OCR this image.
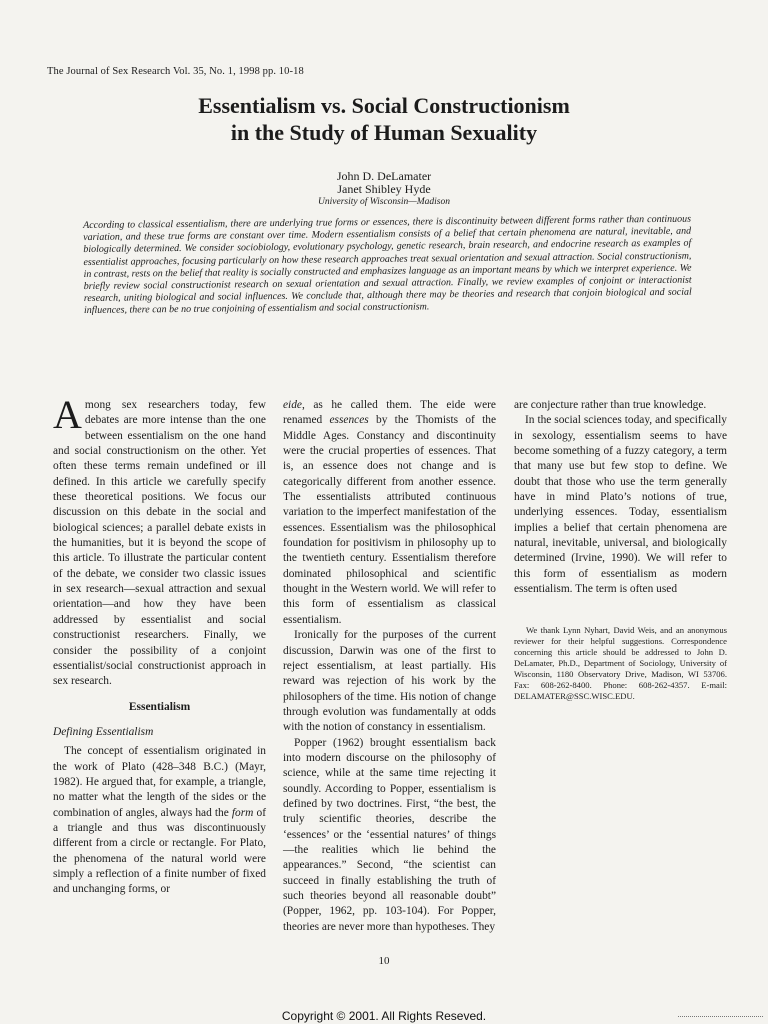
The Journal of Sex Research Vol. 35, No. 1, 1998 pp. 10-18
Essentialism vs. Social Constructionism
in the Study of Human Sexuality
John D. DeLamater
Janet Shibley Hyde
University of Wisconsin—Madison
According to classical essentialism, there are underlying true forms or essences, there is discontinuity between different forms rather than continuous variation, and these true forms are constant over time. Modern essentialism consists of a belief that certain phenomena are natural, inevitable, and biologically determined. We consider sociobiology, evolutionary psychology, genetic research, brain research, and endocrine research as examples of essentialist approaches, focusing particularly on how these research approaches treat sexual orientation and sexual attraction. Social constructionism, in contrast, rests on the belief that reality is socially constructed and emphasizes language as an important means by which we interpret experience. We briefly review social constructionist research on sexual orientation and sexual attraction. Finally, we review examples of conjoint or interactionist research, uniting biological and social influences. We conclude that, although there may be theories and research that conjoin biological and social influences, there can be no true conjoining of essentialism and social constructionism.

Among sex researchers today, few debates are more intense than the one between essentialism on the one hand and social constructionism on the other. Yet often these terms remain undefined or ill defined. In this article we carefully specify these theoretical positions. We focus our discussion on this debate in the social and biological sciences; a parallel debate exists in the humanities, but it is beyond the scope of this article. To illustrate the particular content of the debate, we consider two classic issues in sex research—sexual attraction and sexual orientation—and how they have been addressed by essentialist and social constructionist researchers. Finally, we consider the possibility of a conjoint essentialist/social constructionist approach in sex research.

Essentialism
Defining Essentialism

The concept of essentialism originated in the work of Plato (428–348 B.C.) (Mayr, 1982). He argued that, for example, a triangle, no matter what the length of the sides or the combination of angles, always had the form of a triangle and thus was discontinuously different from a circle or rectangle. For Plato, the phenomena of the natural world were simply a reflection of a finite number of fixed and unchanging forms, or

eide, as he called them. The eide were renamed essences by the Thomists of the Middle Ages. Constancy and discontinuity were the crucial properties of essences. That is, an essence does not change and is categorically different from another essence. The essentialists attributed continuous variation to the imperfect manifestation of the essences. Essentialism was the philosophical foundation for positivism in philosophy up to the twentieth century. Essentialism therefore dominated philosophical and scientific thought in the Western world. We will refer to this form of essentialism as classical essentialism.

Ironically for the purposes of the current discussion, Darwin was one of the first to reject essentialism, at least partially. His reward was rejection of his work by the philosophers of the time. His notion of change through evolution was fundamentally at odds with the notion of constancy in essentialism.

Popper (1962) brought essentialism back into modern discourse on the philosophy of science, while at the same time rejecting it soundly. According to Popper, essentialism is defined by two doctrines. First, “the best, the truly scientific theories, describe the ‘essences’ or the ‘essential natures’ of things—the realities which lie behind the appearances.” Second, “the scientist can succeed in finally establishing the truth of such theories beyond all reasonable doubt” (Popper, 1962, pp. 103-104). For Popper, theories are never more than hypotheses. They

are conjecture rather than true knowledge.

In the social sciences today, and specifically in sexology, essentialism seems to have become something of a fuzzy category, a term that many use but few stop to define. We doubt that those who use the term generally have in mind Plato’s notions of true, underlying essences. Today, essentialism implies a belief that certain phenomena are natural, inevitable, universal, and biologically determined (Irvine, 1990). We will refer to this form of essentialism as modern essentialism. The term is often used

We thank Lynn Nyhart, David Weis, and an anonymous reviewer for their helpful suggestions. Correspondence concerning this article should be addressed to John D. DeLamater, Ph.D., Department of Sociology, University of Wisconsin, 1180 Observatory Drive, Madison, WI 53706. Fax: 608-262-8400. Phone: 608-262-4357. E-mail: DELAMATER@SSC.WISC.EDU.

10
Copyright © 2001. All Rights Reseved.
